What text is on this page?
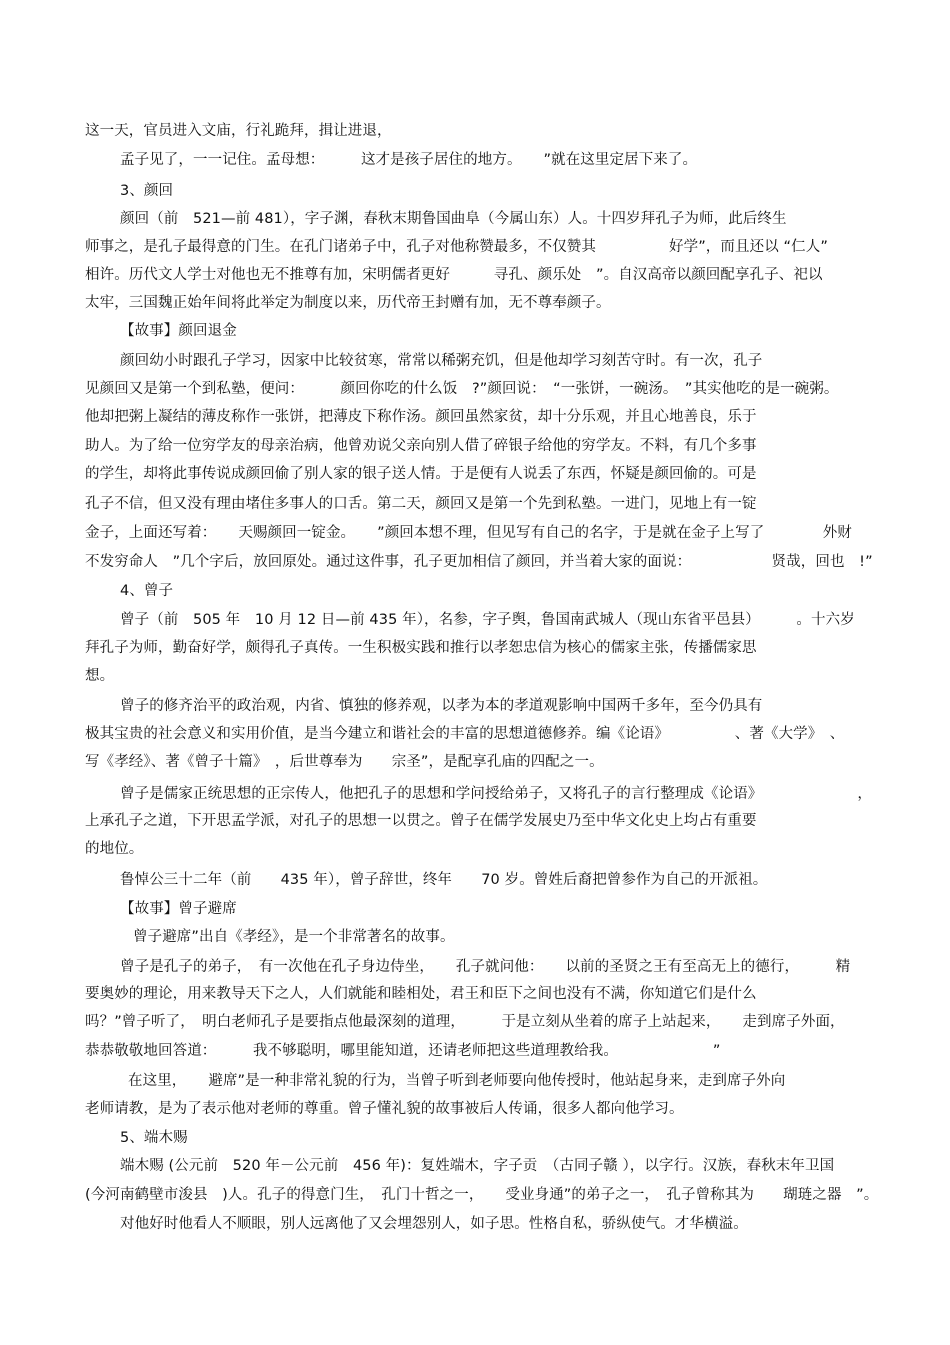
这一天，官员进入文庙，行礼跪拜，揖让进退，

孟子见了，一一记住。孟母想：　　　这才是孩子居住的地方。　　”就在这里定居下来了。

3、颜回

颜回（前　521—前 481），字子渊，春秋末期鲁国曲阜（今属山东）人。十四岁拜孔子为师，此后终生

师事之，是孔子最得意的门生。在孔门诸弟子中，孔子对他称赞最多，不仅赞其　　　　　好学”，而且还以 “仁人”

相许。历代文人学士对他也无不推尊有加，宋明儒者更好　　　寻孔、颜乐处　”。自汉高帝以颜回配享孔子、祀以

太牢，三国魏正始年间将此举定为制度以来，历代帝王封赠有加，无不尊奉颜子。

【故事】颜回退金

颜回幼小时跟孔子学习，因家中比较贫寒，常常以稀粥充饥，但是他却学习刻苦守时。有一次，孔子

见颜回又是第一个到私塾，便问：　　　颜回你吃的什么饭　?”颜回说：　“一张饼，一碗汤。　”其实他吃的是一碗粥。

他却把粥上凝结的薄皮称作一张饼，把薄皮下称作汤。颜回虽然家贫，却十分乐观，并且心地善良，乐于

助人。为了给一位穷学友的母亲治病，他曾劝说父亲向别人借了碎银子给他的穷学友。不料，有几个多事

的学生，却将此事传说成颜回偷了别人家的银子送人情。于是便有人说丢了东西，怀疑是颜回偷的。可是

孔子不信，但又没有理由堵住多事人的口舌。第二天，颜回又是第一个先到私塾。一进门，见地上有一锭

金子，上面还写着：　　天赐颜回一锭金。　　”颜回本想不理，但见写有自己的名字，于是就在金子上写了　　　　外财

不发穷命人　”几个字后，放回原处。通过这件事，孔子更加相信了颜回，并当着大家的面说：　　　　　　贤哉，回也　!”

4、曾子

曾子（前　505 年　10 月 12 日—前 435 年），名参，字子舆，鲁国南武城人（现山东省平邑县）　　　。十六岁

拜孔子为师，勤奋好学，颇得孔子真传。一生积极实践和推行以孝恕忠信为核心的儒家主张，传播儒家思

想。

曾子的修齐治平的政治观，内省、慎独的修养观，以孝为本的孝道观影响中国两千多年，至今仍具有

极其宝贵的社会意义和实用价值，是当今建立和谐社会的丰富的思想道德修养。编《论语》　　　　　、著《大学》　、

写《孝经》、著《曾子十篇》　，后世尊奉为　　宗圣”，是配享孔庙的四配之一。

曾子是儒家正统思想的正宗传人，他把孔子的思想和学问授给弟子，又将孔子的言行整理成《论语》　　　　　　　，

上承孔子之道，下开思孟学派，对孔子的思想一以贯之。曾子在儒学发展史乃至中华文化史上均占有重要

的地位。

鲁悼公三十二年（前　　435 年），曾子辞世，终年　　70 岁。曾姓后裔把曾参作为自己的开派祖。

【故事】曾子避席

曾子避席”出自《孝经》，是一个非常著名的故事。

曾子是孔子的弟子，　有一次他在孔子身边侍坐，　　孔子就问他：　　以前的圣贤之王有至高无上的德行，　　　精

要奥妙的理论，用来教导天下之人，人们就能和睦相处，君王和臣下之间也没有不满，你知道它们是什么

吗？”曾子听了，　明白老师孔子是要指点他最深刻的道理，　　　于是立刻从坐着的席子上站起来，　　走到席子外面，

恭恭敬敬地回答道：　　　我不够聪明，哪里能知道，还请老师把这些道理教给我。　　　　　　　”

在这里，　　避席”是一种非常礼貌的行为，当曾子听到老师要向他传授时，他站起身来，走到席子外向

老师请教，是为了表示他对老师的尊重。曾子懂礼貌的故事被后人传诵，很多人都向他学习。

5、端木赐

端木赐 (公元前　520 年－公元前　456 年)：复姓端木，字子贡　（古同子赣 ），以字行。汉族，春秋末年卫国

(今河南鹤壁市浚县　)人。孔子的得意门生，　孔门十哲之一，　　受业身通”的弟子之一，　孔子曾称其为　　瑚琏之器　”。

对他好时他看人不顺眼，别人远离他了又会埋怨别人，如子思。性格自私，骄纵使气。才华横溢。
